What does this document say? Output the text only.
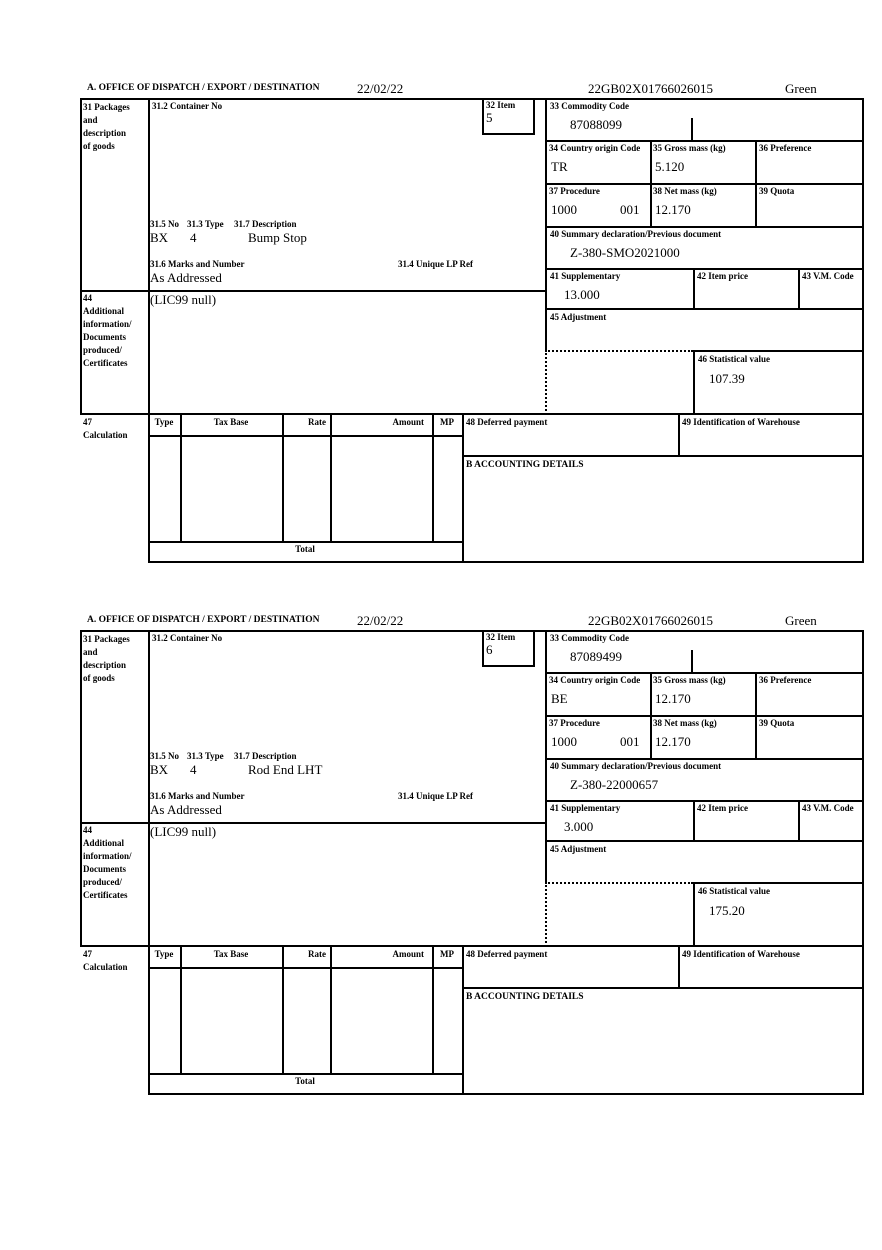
A. OFFICE OF DISPATCH / EXPORT / DESTINATION	22/02/22	22GB02X01766026015	Green
31 Packages
and
description
of goods
31.2 Container No	32 Item
5
33 Commodity Code
87088099
34 Country origin Code
TR
35 Gross mass (kg)
5.120
36 Preference
37 Procedure
1000	001
38 Net mass (kg)
12.170
39 Quota
31.5 No 31.3 Type 31.7 Description
BX 4	Bump Stop
31.6 Marks and Number	31.4 Unique LP Ref
As Addressed
40 Summary declaration/Previous document
Z-380-SMO2021000
41 Supplementary
13.000
42 Item price	43 V.M. Code
44
Additional
information/
Documents
produced/
Certificates
(LIC99 null)
45 Adjustment
46 Statistical value
107.39
47
Calculation
Type	Tax Base	Rate	Amount	MP
Total
48 Deferred payment	49 Identification of Warehouse
B ACCOUNTING DETAILS
A. OFFICE OF DISPATCH / EXPORT / DESTINATION	22/02/22	22GB02X01766026015	Green
31 Packages
and
description
of goods
31.2 Container No	32 Item
6
33 Commodity Code
87089499
34 Country origin Code
BE
35 Gross mass (kg)
12.170
36 Preference
37 Procedure
1000	001
38 Net mass (kg)
12.170
39 Quota
31.5 No 31.3 Type 31.7 Description
BX 4	Rod End LHT
31.6 Marks and Number	31.4 Unique LP Ref
As Addressed
40 Summary declaration/Previous document
Z-380-22000657
41 Supplementary
3.000
42 Item price	43 V.M. Code
44
Additional
information/
Documents
produced/
Certificates
(LIC99 null)
45 Adjustment
46 Statistical value
175.20
47
Calculation
Type	Tax Base	Rate	Amount	MP
Total
48 Deferred payment	49 Identification of Warehouse
B ACCOUNTING DETAILS
